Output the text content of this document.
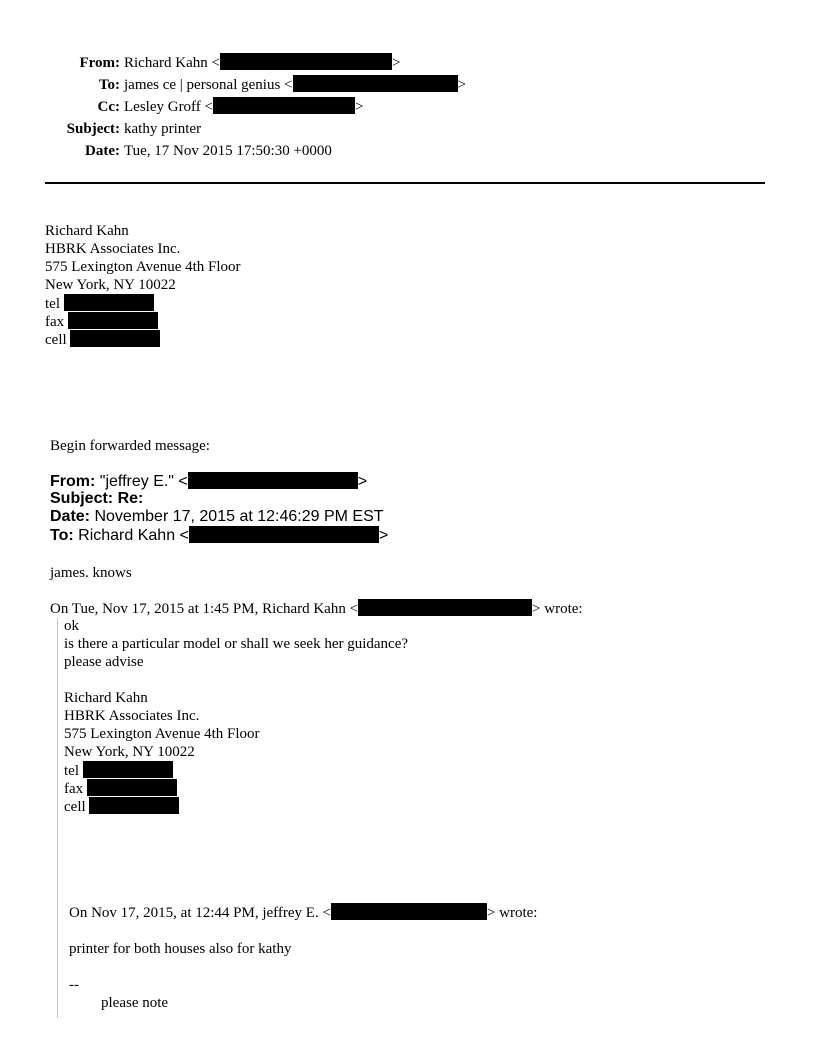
From: Richard Kahn <	>
To: james ce | personal genius <	>
Cc: Lesley Groff <	>
Subject: kathy printer
Date: Tue, 17 Nov 2015 17:50:30 +0000
Richard Kahn
HBRK Associates Inc.
575 Lexington Avenue 4th Floor
New York, NY 10022
tel
fax
cell
Begin forwarded message:
From: "jeffrey E." <	>
Subject: Re:
Date: November 17, 2015 at 12:46:29 PM EST
To: Richard Kahn <	>
james. knows
On Tue, Nov 17, 2015 at 1:45 PM, Richard Kahn <	> wrote:
ok
is there a particular model or shall we seek her guidance?
please advise
Richard Kahn
HBRK Associates Inc.
575 Lexington Avenue 4th Floor
New York, NY 10022
tel
fax
cell
On Nov 17, 2015, at 12:44 PM, jeffrey E. <	> wrote:
printer for both houses also for kathy
--
please note
